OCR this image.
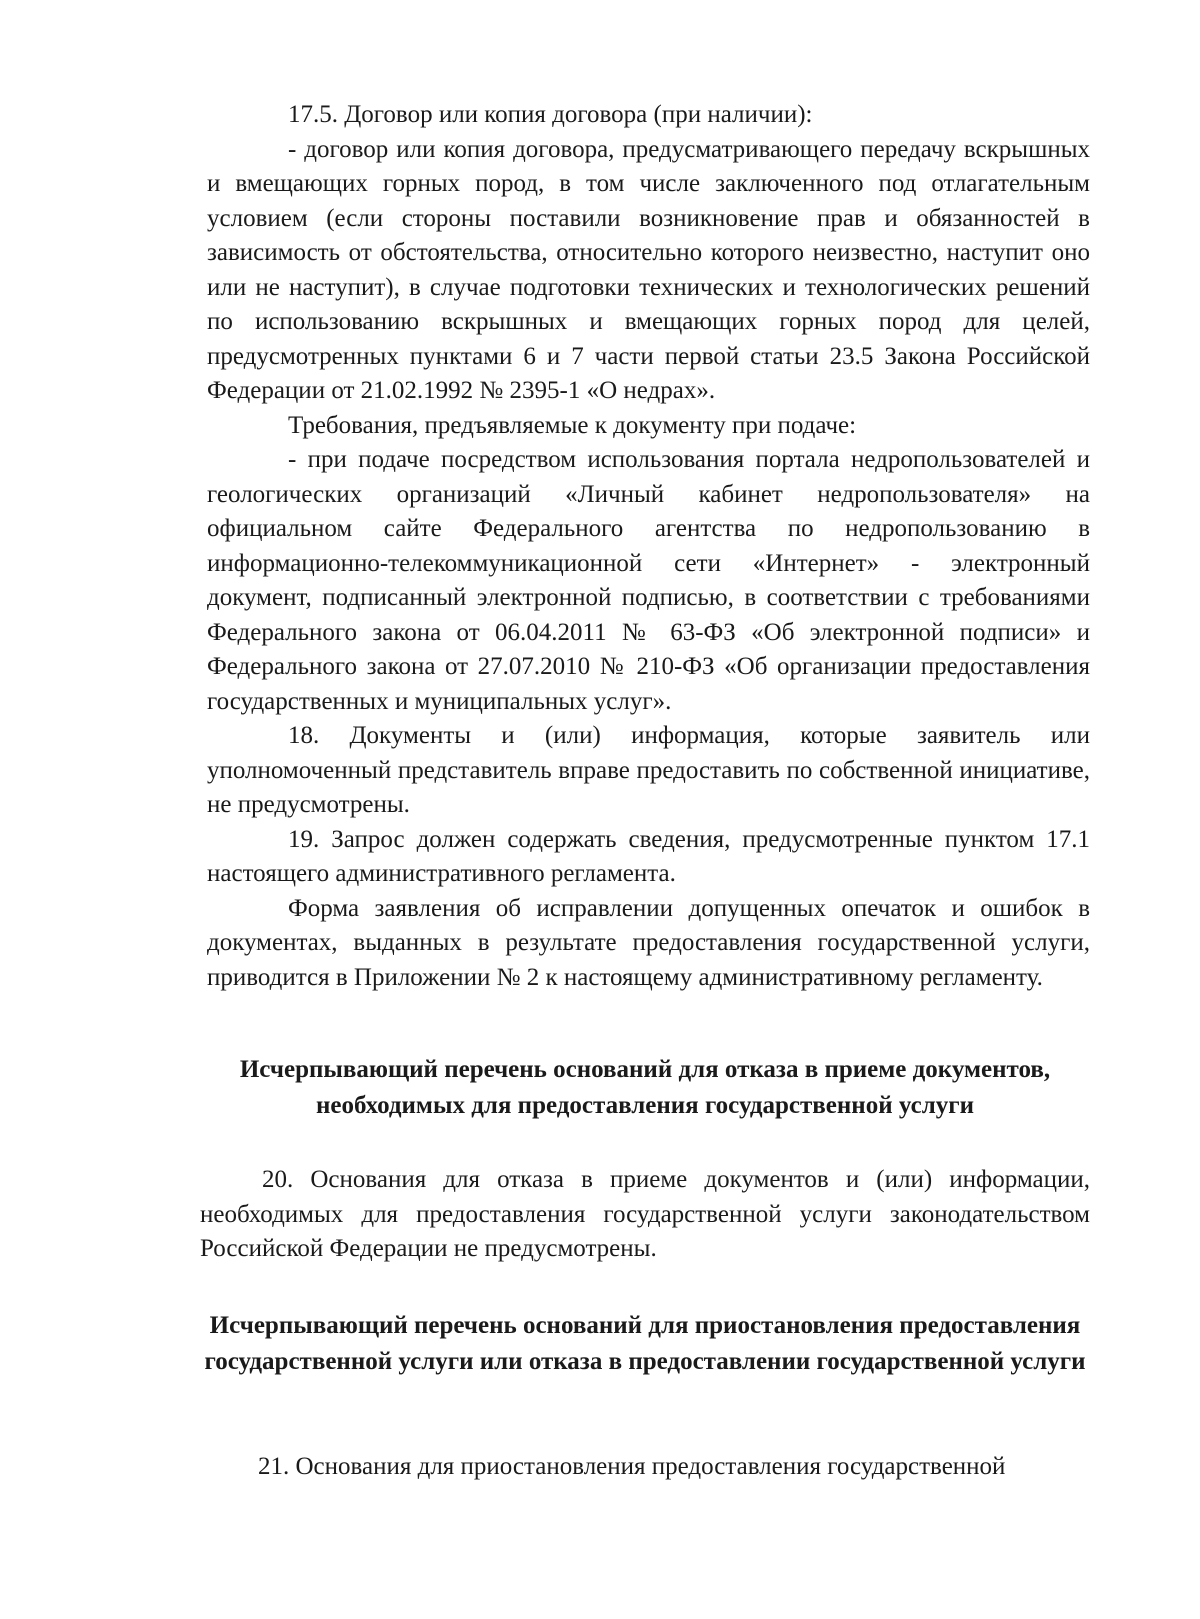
17.5. Договор или копия договора (при наличии):

- договор или копия договора, предусматривающего передачу вскрышных и вмещающих горных пород, в том числе заключенного под отлагательным условием (если стороны поставили возникновение прав и обязанностей в зависимость от обстоятельства, относительно которого неизвестно, наступит оно или не наступит), в случае подготовки технических и технологических решений по использованию вскрышных и вмещающих горных пород для целей, предусмотренных пунктами 6 и 7 части первой статьи 23.5 Закона Российской Федерации от 21.02.1992 № 2395-1 «О недрах».

Требования, предъявляемые к документу при подаче:

- при подаче посредством использования портала недропользователей и геологических организаций «Личный кабинет недропользователя» на официальном сайте Федерального агентства по недропользованию в информационно-телекоммуникационной сети «Интернет» - электронный документ, подписанный электронной подписью, в соответствии с требованиями Федерального закона от 06.04.2011 № 63-ФЗ «Об электронной подписи» и Федерального закона от 27.07.2010 № 210-ФЗ «Об организации предоставления государственных и муниципальных услуг».

18. Документы и (или) информация, которые заявитель или уполномоченный представитель вправе предоставить по собственной инициативе, не предусмотрены.

19. Запрос должен содержать сведения, предусмотренные пунктом 17.1 настоящего административного регламента.

Форма заявления об исправлении допущенных опечаток и ошибок в документах, выданных в результате предоставления государственной услуги, приводится в Приложении № 2 к настоящему административному регламенту.

Исчерпывающий перечень оснований для отказа в приеме документов, необходимых для предоставления государственной услуги

20. Основания для отказа в приеме документов и (или) информации, необходимых для предоставления государственной услуги законодательством Российской Федерации не предусмотрены.

Исчерпывающий перечень оснований для приостановления предоставления государственной услуги или отказа в предоставлении государственной услуги

21. Основания для приостановления предоставления государственной
